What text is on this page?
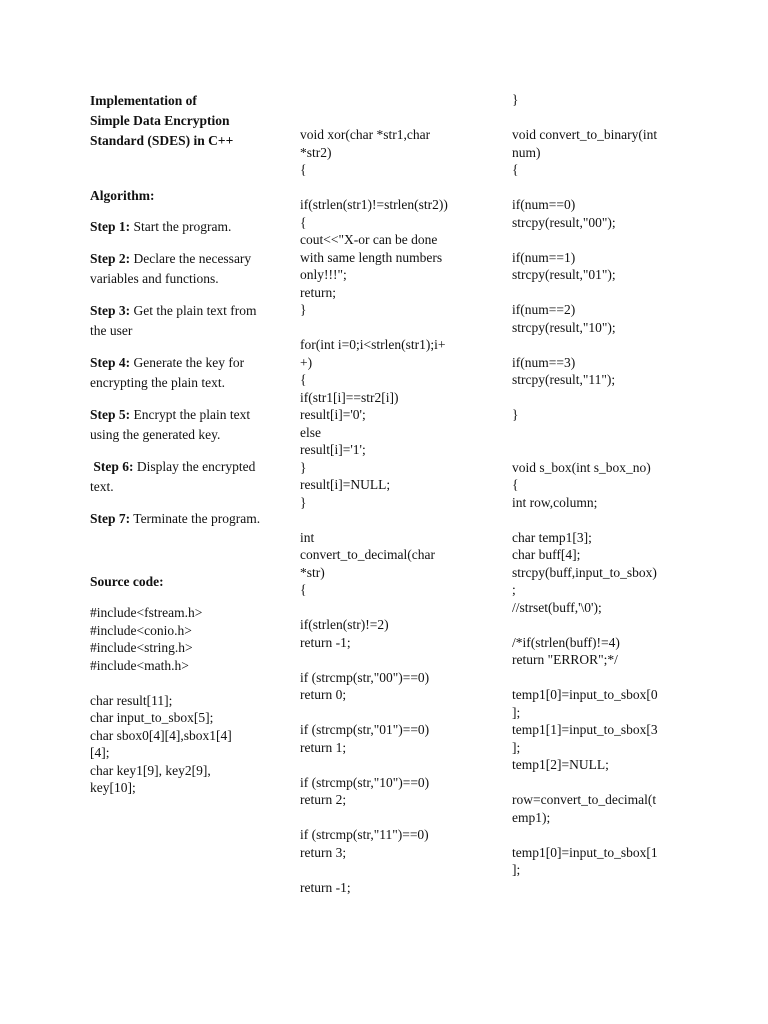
Implementation of
Simple Data Encryption
Standard (SDES) in C++
Algorithm:
Step 1: Start the program.
Step 2: Declare the necessary variables and functions.
Step 3: Get the plain text from the user
Step 4: Generate the key for encrypting the plain text.
Step 5: Encrypt the plain text using the generated key.
Step 6: Display the encrypted text.
Step 7: Terminate the program.
Source code:
#include<fstream.h>
#include<conio.h>
#include<string.h>
#include<math.h>
char result[11];
char input_to_sbox[5];
char sbox0[4][4],sbox1[4]
[4];
char key1[9], key2[9],
key[10];
void xor(char *str1,char
*str2)
{
if(strlen(str1)!=strlen(str2))
{
cout<<"X-or can be done
with same length numbers
only!!!";
return;
}
for(int i=0;i<strlen(str1);i+
+)
{
if(str1[i]==str2[i])
result[i]='0';
else
result[i]='1';
}
result[i]=NULL;
}
int
convert_to_decimal(char
*str)
{
if(strlen(str)!=2)
return -1;
if (strcmp(str,"00")==0)
return 0;
if (strcmp(str,"01")==0)
return 1;
if (strcmp(str,"10")==0)
return 2;
if (strcmp(str,"11")==0)
return 3;
return -1;
}
void convert_to_binary(int
num)
{
if(num==0)
strcpy(result,"00");
if(num==1)
strcpy(result,"01");
if(num==2)
strcpy(result,"10");
if(num==3)
strcpy(result,"11");
}
void s_box(int s_box_no)
{
int row,column;
char temp1[3];
char buff[4];
strcpy(buff,input_to_sbox)
;
//strset(buff,'\0');
/*if(strlen(buff)!=4)
return "ERROR";*/
temp1[0]=input_to_sbox[0
];
temp1[1]=input_to_sbox[3
];
temp1[2]=NULL;
row=convert_to_decimal(t
emp1);
temp1[0]=input_to_sbox[1
];
